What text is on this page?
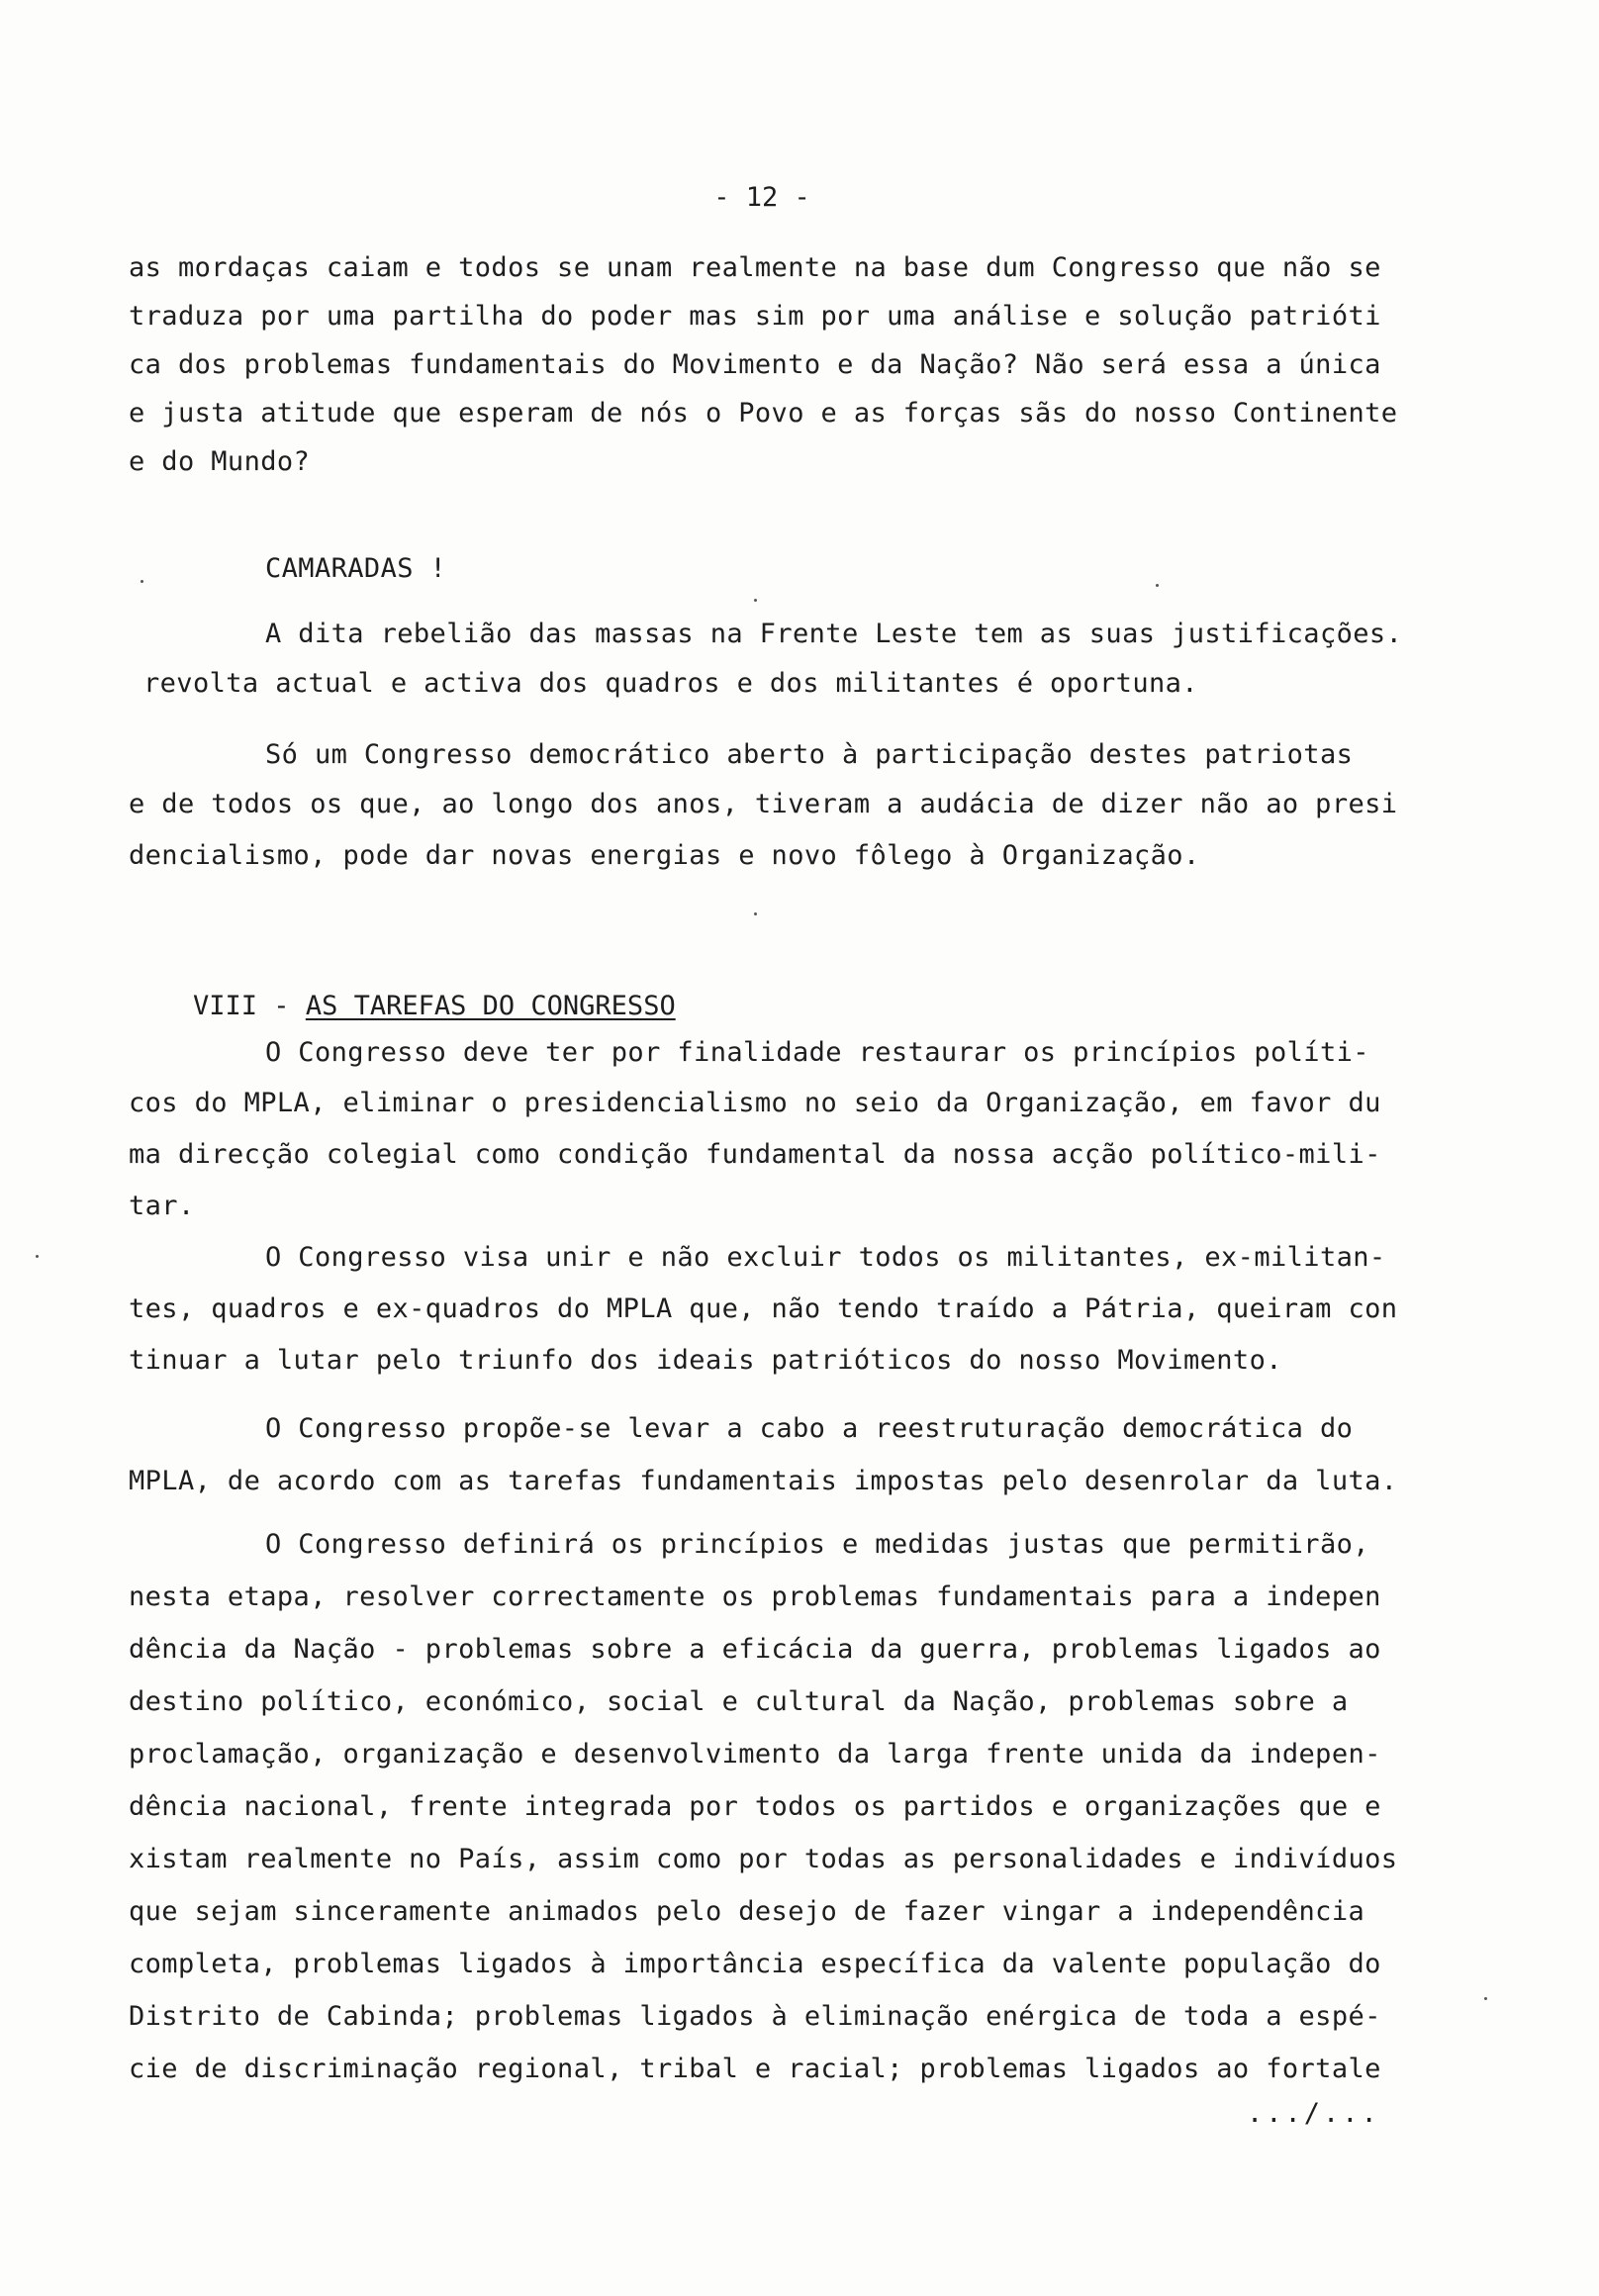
- 12 -
as mordaças caiam e todos se unam realmente na base dum Congresso que não se
traduza por uma partilha do poder mas sim por uma análise e solução patrióti
ca dos problemas fundamentais do Movimento e da Nação? Não será essa a única
e justa atitude que esperam de nós o Povo e as forças sãs do nosso Continente
e do Mundo?
CAMARADAS !
A dita rebelião das massas na Frente Leste tem as suas justificações.
revolta actual e activa dos quadros e dos militantes é oportuna.
Só um Congresso democrático aberto à participação destes patriotas
e de todos os que, ao longo dos anos, tiveram a audácia de dizer não ao presi
dencialismo, pode dar novas energias e novo fôlego à Organização.

VIII - AS TAREFAS DO CONGRESSO

O Congresso deve ter por finalidade restaurar os princípios políti-
cos do MPLA, eliminar o presidencialismo no seio da Organização, em favor du
ma direcção colegial como condição fundamental da nossa acção político-mili-
tar.
O Congresso visa unir e não excluir todos os militantes, ex-militan-
tes, quadros e ex-quadros do MPLA que, não tendo traído a Pátria, queiram con
tinuar a lutar pelo triunfo dos ideais patrióticos do nosso Movimento.
O Congresso propõe-se levar a cabo a reestruturação democrática do
MPLA, de acordo com as tarefas fundamentais impostas pelo desenrolar da luta.
O Congresso definirá os princípios e medidas justas que permitirão,
nesta etapa, resolver correctamente os problemas fundamentais para a indepen
dência da Nação - problemas sobre a eficácia da guerra, problemas ligados ao
destino político, económico, social e cultural da Nação, problemas sobre a
proclamação, organização e desenvolvimento da larga frente unida da indepen-
dência nacional, frente integrada por todos os partidos e organizações que e
xistam realmente no País, assim como por todas as personalidades e indivíduos
que sejam sinceramente animados pelo desejo de fazer vingar a independência
completa, problemas ligados à importância específica da valente população do
Distrito de Cabinda; problemas ligados à eliminação enérgica de toda a espé-
cie de discriminação regional, tribal e racial; problemas ligados ao fortale
.../...
